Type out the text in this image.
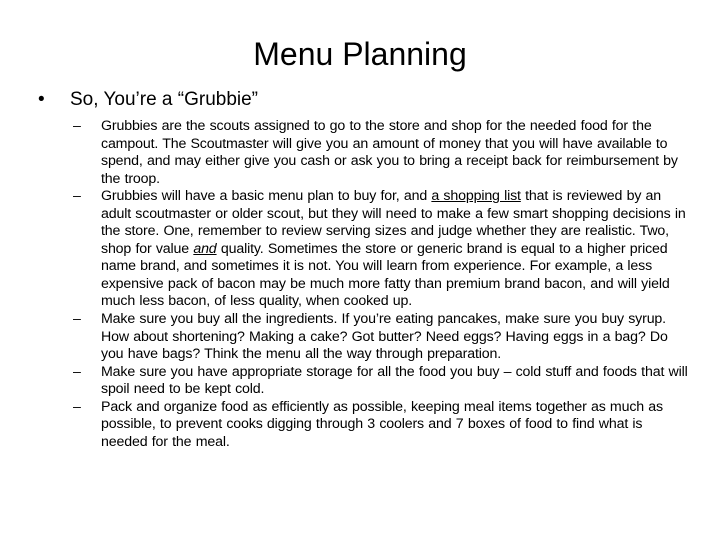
Menu Planning
•	So, You’re a “Grubbie”
–	Grubbies are the scouts assigned to go to the store and shop for the needed food for the campout. The Scoutmaster will give you an amount of money that you will have available to spend, and may either give you cash or ask you to bring a receipt back for reimbursement by the troop.
–	Grubbies will have a basic menu plan to buy for, and a shopping list that is reviewed by an adult scoutmaster or older scout, but they will need to make a few smart shopping decisions in the store. One, remember to review serving sizes and judge whether they are realistic. Two, shop for value and quality. Sometimes the store or generic brand is equal to a higher priced name brand, and sometimes it is not. You will learn from experience. For example, a less expensive pack of bacon may be much more fatty than premium brand bacon, and will yield much less bacon, of less quality, when cooked up.
–	Make sure you buy all the ingredients. If you’re eating pancakes, make sure you buy syrup. How about shortening? Making a cake? Got butter? Need eggs? Having eggs in a bag? Do you have bags? Think the menu all the way through preparation.
–	Make sure you have appropriate storage for all the food you buy – cold stuff and foods that will spoil need to be kept cold.
–	Pack and organize food as efficiently as possible, keeping meal items together as much as possible, to prevent cooks digging through 3 coolers and 7 boxes of food to find what is needed for the meal.
